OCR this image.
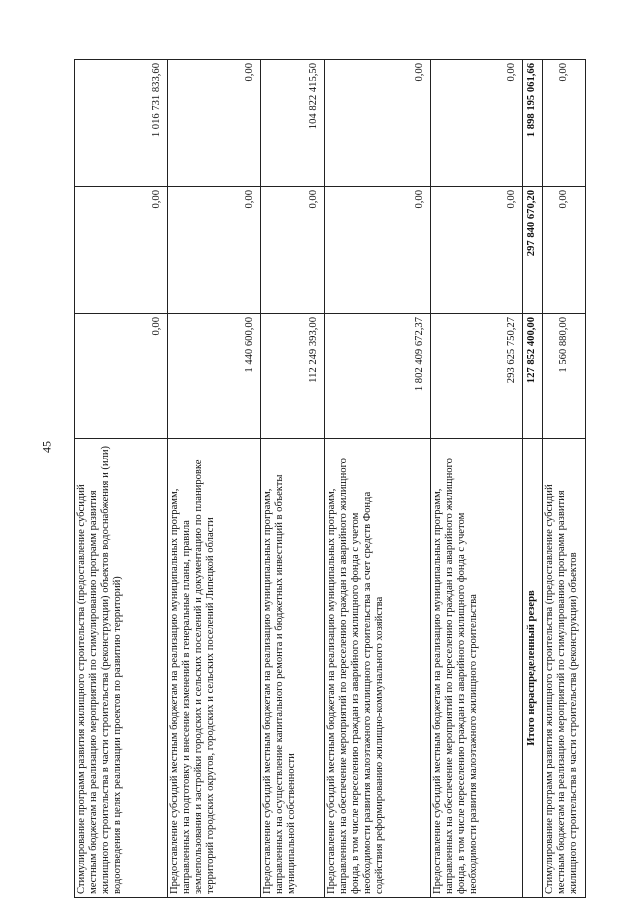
45
Стимулирование программ развития жилищного строительства (предоставление субсидий местным бюджетам на реализацию мероприятий по стимулированию программ развития жилищного строительства в части строительства (реконструкции) объектов водоснабжения и (или) водоотведения в целях реализации проектов по развитию территорий)	0,00	0,00	1 016 731 833,60
Предоставление субсидий местным бюджетам на реализацию муниципальных программ, направленных на подготовку и внесение изменений в генеральные планы, правила землепользования и застройки городских и сельских поселений и документацию по планировке территорий городских округов, городских и сельских поселений Липецкой области	1 440 600,00	0,00	0,00
Предоставление субсидий местным бюджетам на реализацию муниципальных программ, направленных на осуществление капитального ремонта и бюджетных инвестиций в объекты муниципальной собственности	112 249 393,00	0,00	104 822 415,50
Предоставление субсидий местным бюджетам на реализацию муниципальных программ, направленных на обеспечение мероприятий по переселению граждан из аварийного жилищного фонда, в том числе переселению граждан из аварийного жилищного фонда с учетом необходимости развития малоэтажного жилищного строительства за счет средств Фонда содействия реформированию жилищно-коммунального хозяйства	1 802 409 672,37	0,00	0,00
Предоставление субсидий местным бюджетам на реализацию муниципальных программ, направленных на обеспечение мероприятий по переселению граждан из аварийного жилищного фонда, в том числе переселению граждан из аварийного жилищного фонда с учетом необходимости развития малоэтажного жилищного строительства	293 625 750,27	0,00	0,00
Итого нераспределенный резерв	127 852 400,00	297 840 670,20	1 898 195 061,66
Стимулирование программ развития жилищного строительства (предоставление субсидий местным бюджетам на реализацию мероприятий по стимулированию программ развития жилищного строительства в части строительства (реконструкции) объектов	1 560 880,00	0,00	0,00
